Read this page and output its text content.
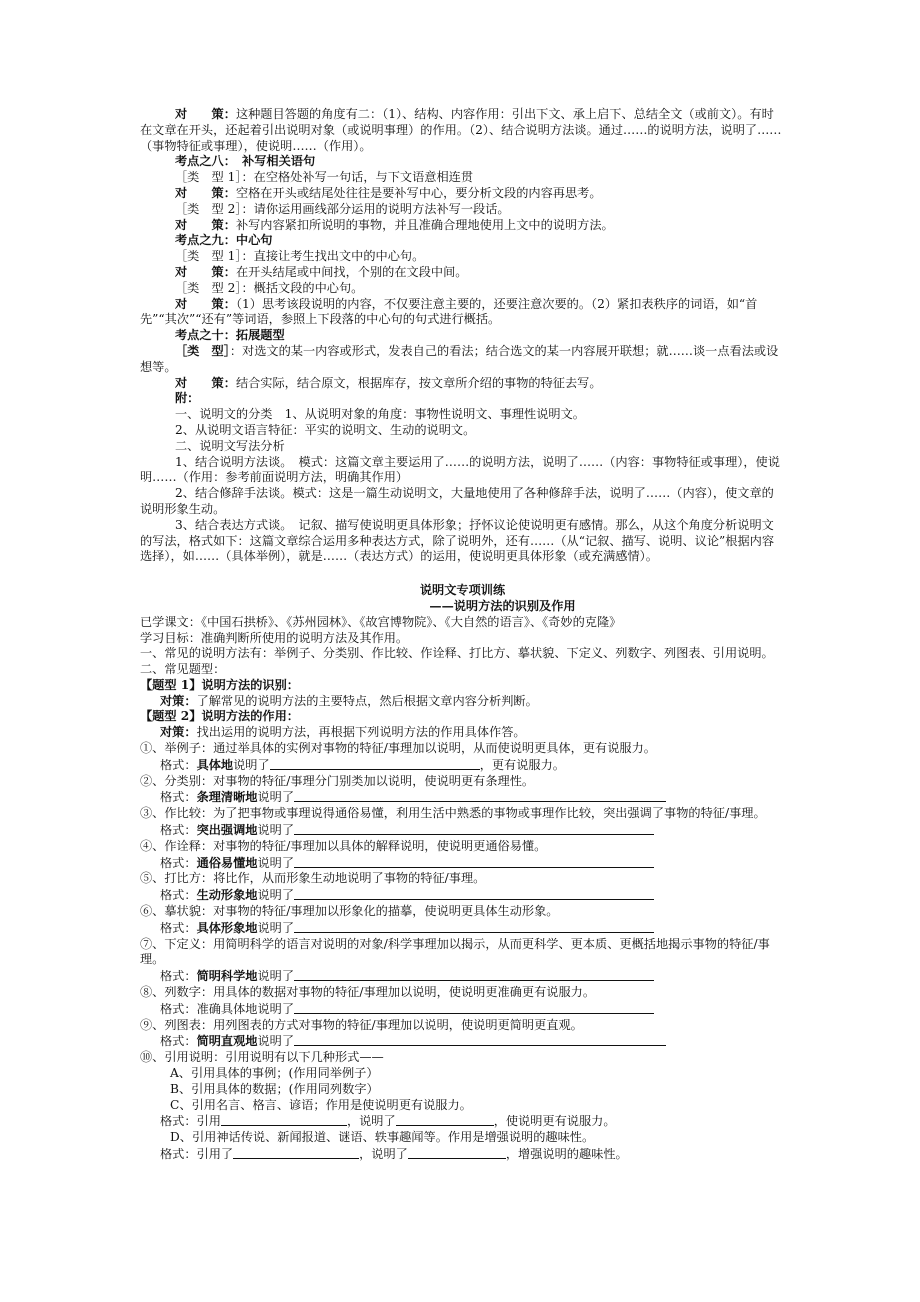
对　　策：这种题目答题的角度有二：（1）、结构、内容作用：引出下文、承上启下、总结全文（或前文）。有时在文章在开头，还起着引出说明对象（或说明事理）的作用。（2）、结合说明方法谈。通过……的说明方法，说明了……（事物特征或事理），使说明……（作用）。

考点之八：　补写相关语句

［类　型 1］：在空格处补写一句话，与下文语意相连贯

对　　策：空格在开头或结尾处往往是要补写中心，要分析文段的内容再思考。

［类　型 2］：请你运用画线部分运用的说明方法补写一段话。

对　　策：补写内容紧扣所说明的事物，并且准确合理地使用上文中的说明方法。

考点之九：中心句

［类　型 1］：直接让考生找出文中的中心句。

对　　策：在开头结尾或中间找，个别的在文段中间。

［类　型 2］：概括文段的中心句。

对　　策：（1）思考该段说明的内容，不仅要注意主要的，还要注意次要的。（2）紧扣表秩序的词语，如“首先”“其次”“还有”等词语，参照上下段落的中心句的句式进行概括。

考点之十：拓展题型

［类　型］：对选文的某一内容或形式，发表自己的看法；结合选文的某一内容展开联想；就……谈一点看法或设想等。

对　　策：结合实际，结合原文，根据库存，按文章所介绍的事物的特征去写。

附：

一、说明文的分类　1、从说明对象的角度：事物性说明文、事理性说明文。

2、从说明文语言特征：平实的说明文、生动的说明文。

二、说明文写法分析

1、结合说明方法谈。　模式：这篇文章主要运用了……的说明方法，说明了……（内容：事物特征或事理），使说明……（作用：参考前面说明方法，明确其作用）

2、结合修辞手法谈。模式：这是一篇生动说明文，大量地使用了各种修辞手法，说明了……（内容），使文章的说明形象生动。

3、结合表达方式谈。　记叙、描写使说明更具体形象；抒怀议论使说明更有感情。那么，从这个角度分析说明文的写法，格式如下：这篇文章综合运用多种表达方式，除了说明外，还有……（从“记叙、描写、说明、议论”根据内容选择），如……（具体举例），就是……（表达方式）的运用，使说明更具体形象（或充满感情）。

说明文专项训练

——说明方法的识别及作用

已学课文：《中国石拱桥》、《苏州园林》、《故宫博物院》、《大自然的语言》、《奇妙的克隆》

学习目标：准确判断所使用的说明方法及其作用。

一、常见的说明方法有：举例子、分类别、作比较、作诠释、打比方、摹状貌、下定义、列数字、列图表、引用说明。

二、常见题型：

【题型 1】说明方法的识别：

对策：了解常见的说明方法的主要特点，然后根据文章内容分析判断。

【题型 2】说明方法的作用：

对策：找出运用的说明方法，再根据下列说明方法的作用具体作答。

①、举例子：通过举具体的实例对事物的特征/事理加以说明，从而使说明更具体，更有说服力。

格式：具体地说明了	，更有说服力。

②、分类别：对事物的特征/事理分门别类加以说明，使说明更有条理性。

格式：条理清晰地说明了

③、作比较：为了把事物或事理说得通俗易懂，利用生活中熟悉的事物或事理作比较，突出强调了事物的特征/事理。

格式：突出强调地说明了

④、作诠释：对事物的特征/事理加以具体的解释说明，使说明更通俗易懂。

格式：通俗易懂地说明了

⑤、打比方：将比作，从而形象生动地说明了事物的特征/事理。

格式：生动形象地说明了

⑥、摹状貌：对事物的特征/事理加以形象化的描摹，使说明更具体生动形象。

格式：具体形象地说明了

⑦、下定义：用简明科学的语言对说明的对象/科学事理加以揭示，从而更科学、更本质、更概括地揭示事物的特征/事理。

格式：简明科学地说明了

⑧、列数字：用具体的数据对事物的特征/事理加以说明，使说明更准确更有说服力。

格式：准确具体地说明了

⑨、列图表：用列图表的方式对事物的特征/事理加以说明，使说明更简明更直观。

格式：简明直观地说明了

⑩、引用说明：引用说明有以下几种形式——

A、引用具体的事例；(作用同举例子）

B、引用具体的数据；(作用同列数字）

C、引用名言、格言、谚语；作用是使说明更有说服力。

格式：引用	，说明了	，使说明更有说服力。

D、引用神话传说、新闻报道、谜语、轶事趣闻等。作用是增强说明的趣味性。

格式：引用了	，说明了	，增强说明的趣味性。
